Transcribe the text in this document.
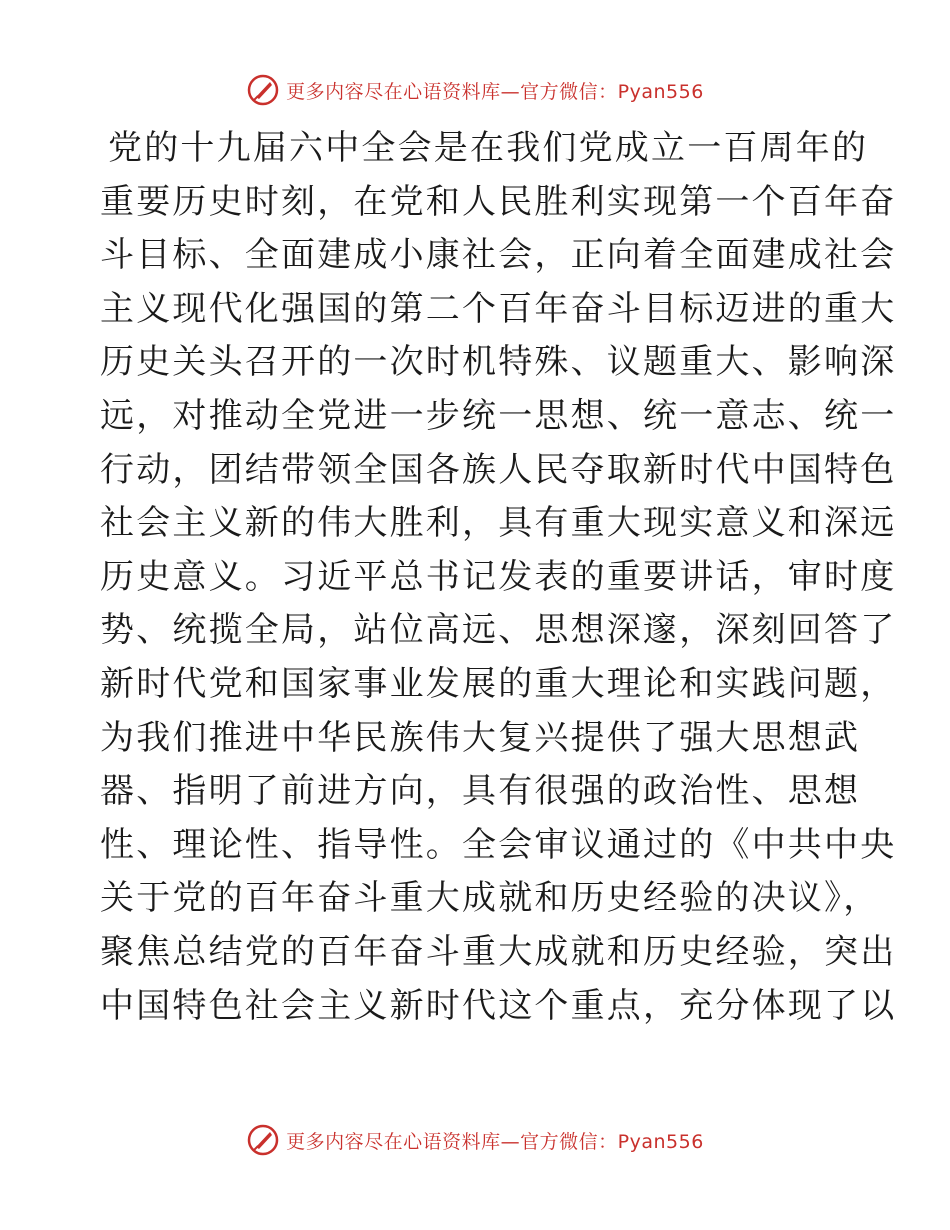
更多内容尽在心语资料库—官方微信：Pyan556
党的十九届六中全会是在我们党成立一百周年的
重要历史时刻，在党和人民胜利实现第一个百年奋
斗目标、全面建成小康社会，正向着全面建成社会
主义现代化强国的第二个百年奋斗目标迈进的重大
历史关头召开的一次时机特殊、议题重大、影响深
远，对推动全党进一步统一思想、统一意志、统一
行动，团结带领全国各族人民夺取新时代中国特色
社会主义新的伟大胜利，具有重大现实意义和深远
历史意义。习近平总书记发表的重要讲话，审时度
势、统揽全局，站位高远、思想深邃，深刻回答了
新时代党和国家事业发展的重大理论和实践问题，
为我们推进中华民族伟大复兴提供了强大思想武
器、指明了前进方向，具有很强的政治性、思想
性、理论性、指导性。全会审议通过的《中共中央
关于党的百年奋斗重大成就和历史经验的决议》，
聚焦总结党的百年奋斗重大成就和历史经验，突出
中国特色社会主义新时代这个重点，充分体现了以
更多内容尽在心语资料库—官方微信：Pyan556
